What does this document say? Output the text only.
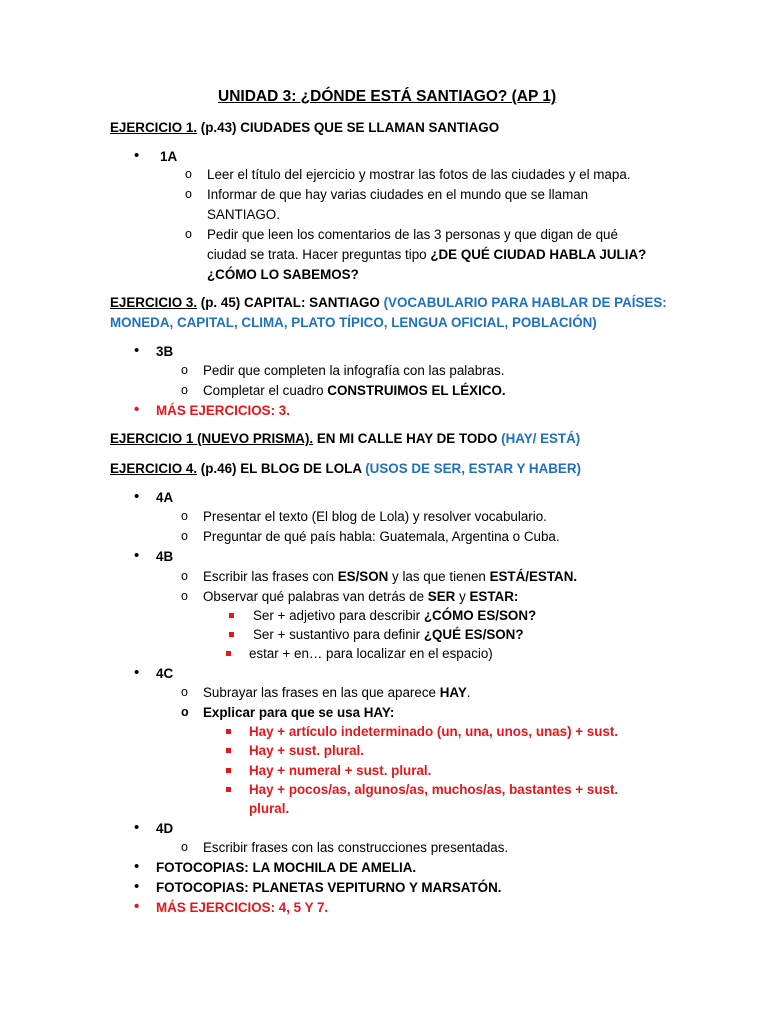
UNIDAD 3: ¿DÓNDE ESTÁ SANTIAGO? (AP 1)
EJERCICIO 1. (p.43) CIUDADES QUE SE LLAMAN SANTIAGO
• 1A
o Leer el título del ejercicio y mostrar las fotos de las ciudades y el mapa.
o Informar de que hay varias ciudades en el mundo que se llaman
SANTIAGO.
o Pedir que leen los comentarios de las 3 personas y que digan de qué
ciudad se trata. Hacer preguntas tipo ¿DE QUÉ CIUDAD HABLA JULIA?
¿CÓMO LO SABEMOS?
EJERCICIO 3. (p. 45) CAPITAL: SANTIAGO (VOCABULARIO PARA HABLAR DE PAÍSES:
MONEDA, CAPITAL, CLIMA, PLATO TÍPICO, LENGUA OFICIAL, POBLACIÓN)
• 3B
o Pedir que completen la infografía con las palabras.
o Completar el cuadro CONSTRUIMOS EL LÉXICO.
• MÁS EJERCICIOS: 3.
EJERCICIO 1 (NUEVO PRISMA). EN MI CALLE HAY DE TODO (HAY/ ESTÁ)
EJERCICIO 4. (p.46) EL BLOG DE LOLA (USOS DE SER, ESTAR Y HABER)
• 4A
o Presentar el texto (El blog de Lola) y resolver vocabulario.
o Preguntar de qué país habla: Guatemala, Argentina o Cuba.
• 4B
o Escribir las frases con ES/SON y las que tienen ESTÁ/ESTAN.
o Observar qué palabras van detrás de SER y ESTAR:
Ser + adjetivo para describir ¿CÓMO ES/SON?
Ser + sustantivo para definir ¿QUÉ ES/SON?
estar + en… para localizar en el espacio)
• 4C
o Subrayar las frases en las que aparece HAY.
o Explicar para que se usa HAY:
Hay + artículo indeterminado (un, una, unos, unas) + sust.
Hay + sust. plural.
Hay + numeral + sust. plural.
Hay + pocos/as, algunos/as, muchos/as, bastantes + sust.
plural.
• 4D
o Escribir frases con las construcciones presentadas.
• FOTOCOPIAS: LA MOCHILA DE AMELIA.
• FOTOCOPIAS: PLANETAS VEPITURNO Y MARSATÓN.
• MÁS EJERCICIOS: 4, 5 Y 7.
